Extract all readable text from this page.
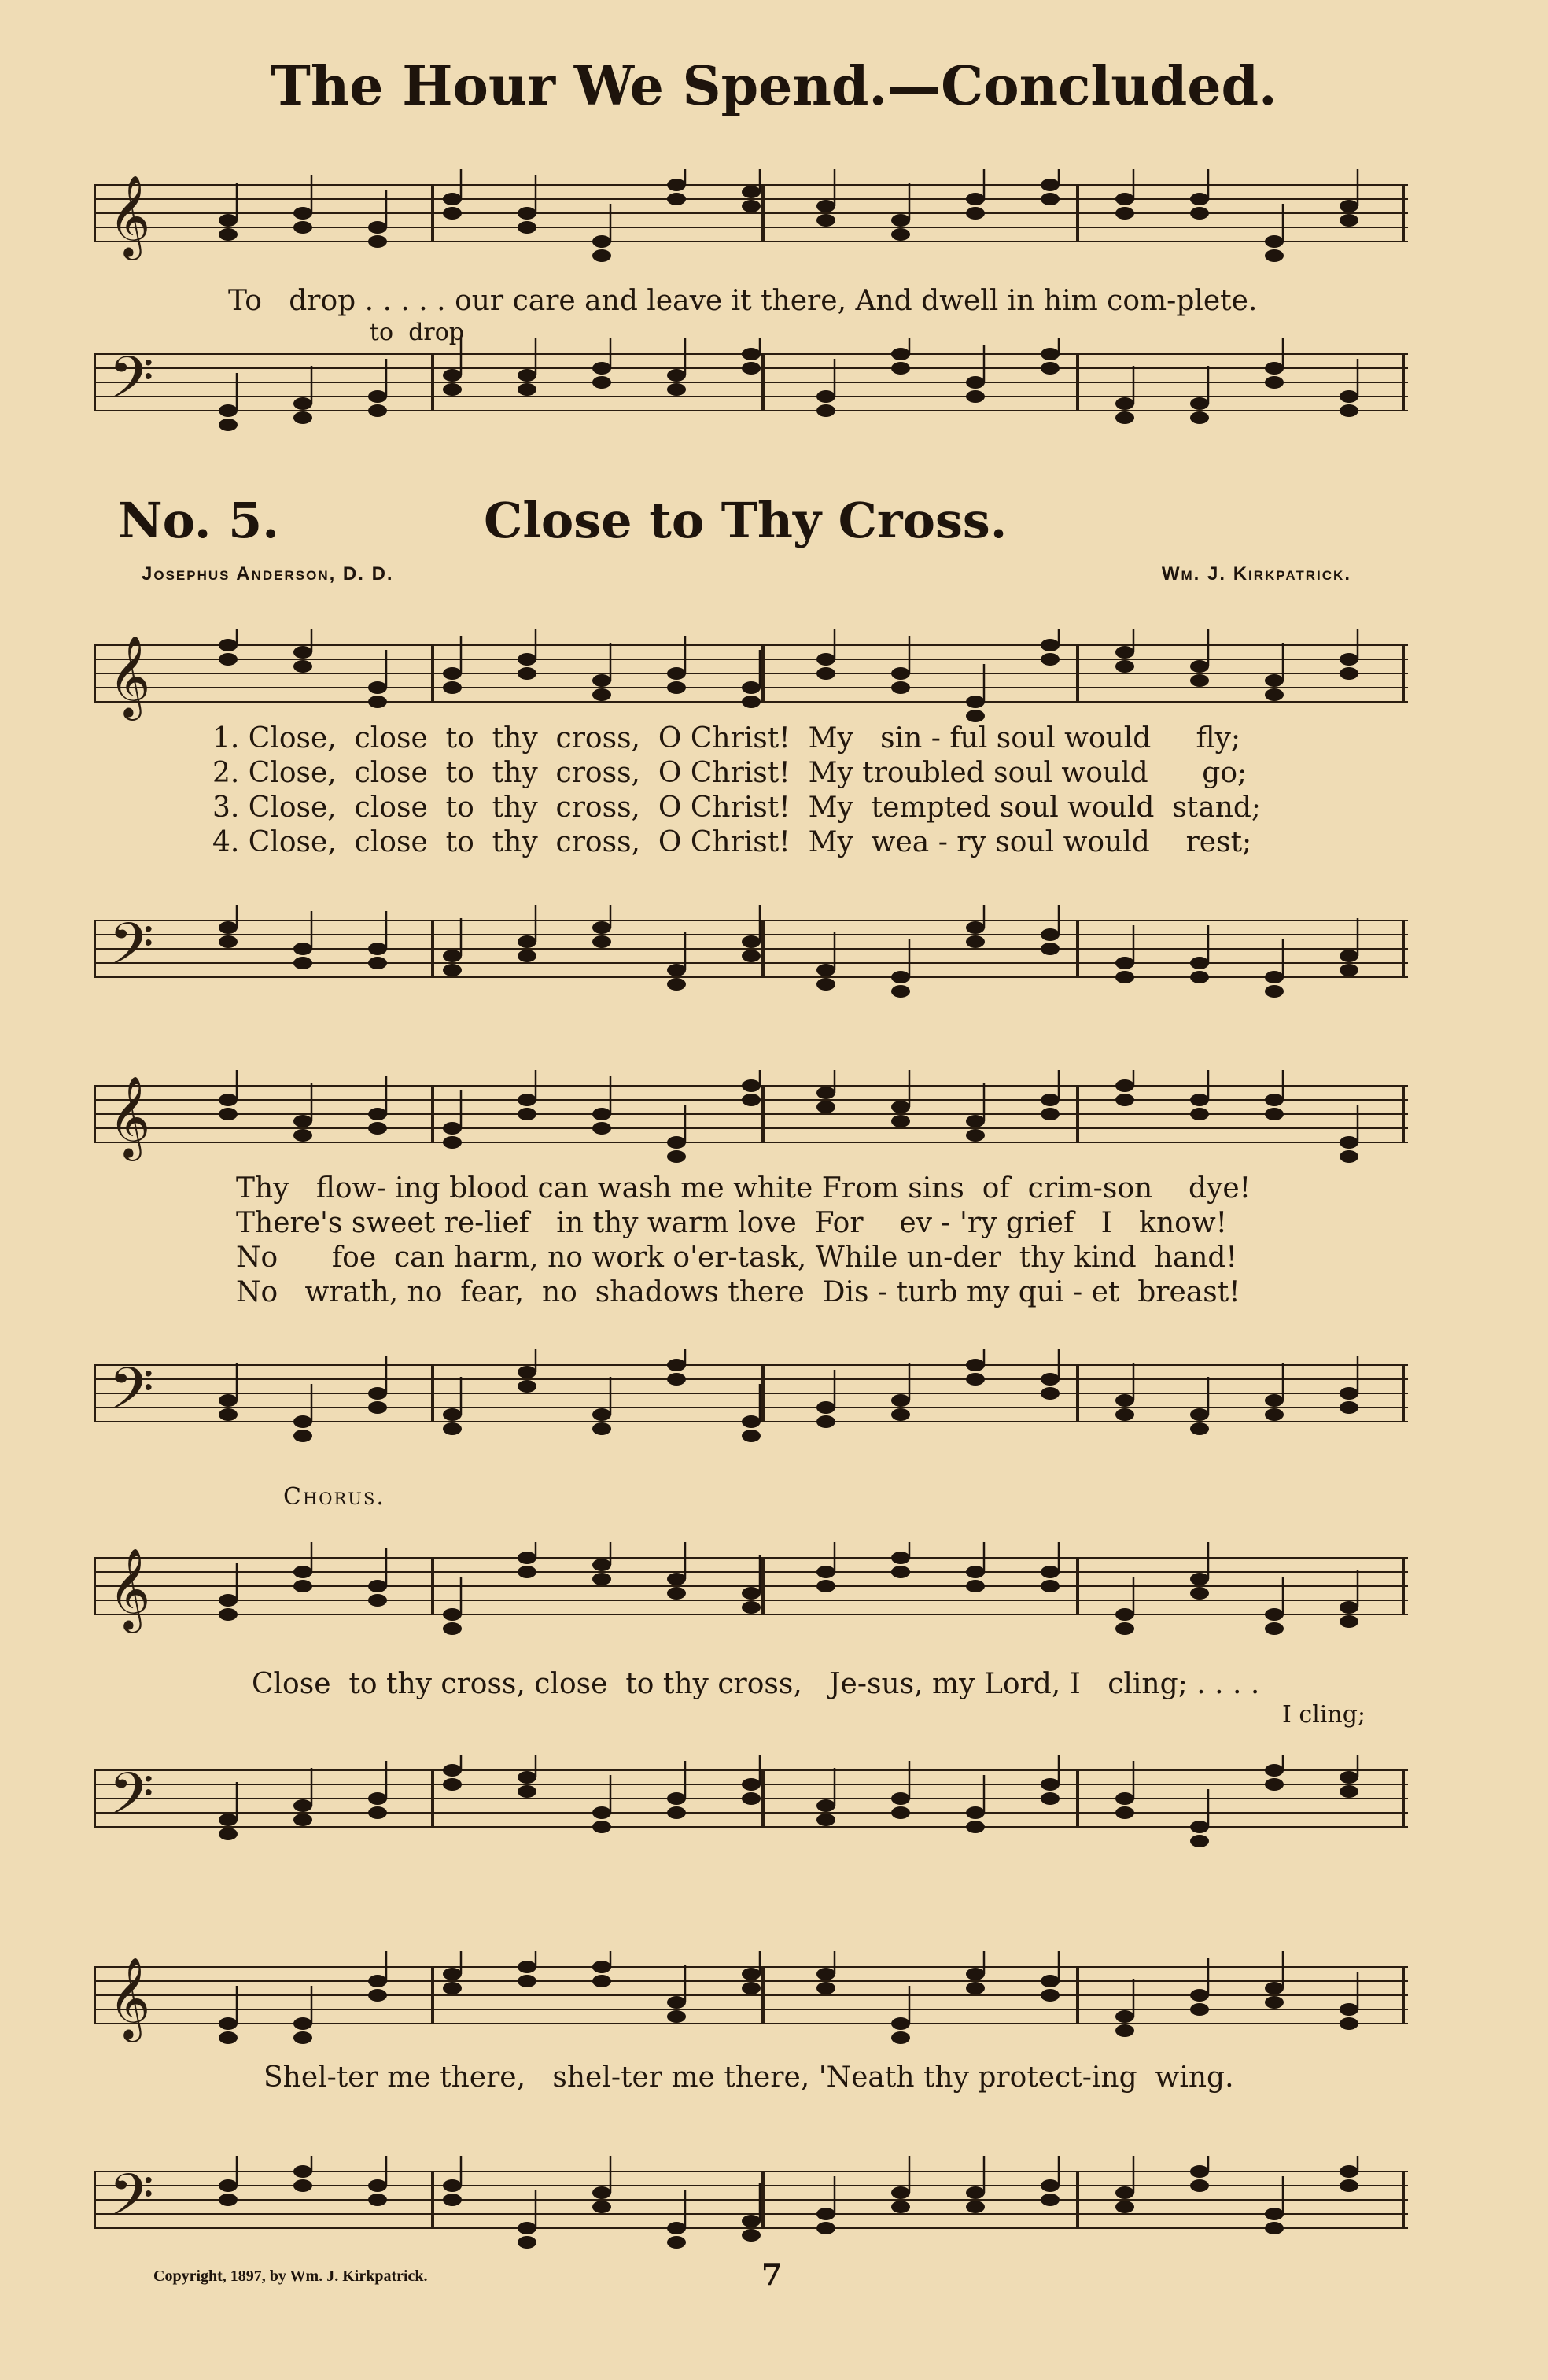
The Hour We Spend.—Concluded.
𝄞
𝄢

To   drop . . . . . our care and leave it there, And dwell in him com-plete.

to  drop

No. 5.	Close to Thy Cross.
Josephus Anderson, D. D.	Wm. J. Kirkpatrick.
𝄞
𝄢

1. Close,  close  to  thy  cross,  O Christ!  My   sin - ful soul would     fly;

2. Close,  close  to  thy  cross,  O Christ!  My troubled soul would      go;

3. Close,  close  to  thy  cross,  O Christ!  My  tempted soul would  stand;

4. Close,  close  to  thy  cross,  O Christ!  My  wea - ry soul would    rest;

𝄞
𝄢

Thy   flow- ing blood can wash me white From sins  of  crim-son    dye!

There's sweet re-lief   in thy warm love  For    ev - 'ry grief   I   know!

No      foe  can harm, no work o'er-task, While un-der  thy kind  hand!

No   wrath, no  fear,  no  shadows there  Dis - turb my qui - et  breast!

Chorus.
𝄞
𝄢

Close  to thy cross, close  to thy cross,   Je-sus, my Lord, I   cling; . . . .

I cling;

𝄞
𝄢

Shel-ter me there,   shel-ter me there, 'Neath thy protect-ing  wing.

Copyright, 1897, by Wm. J. Kirkpatrick.	7
